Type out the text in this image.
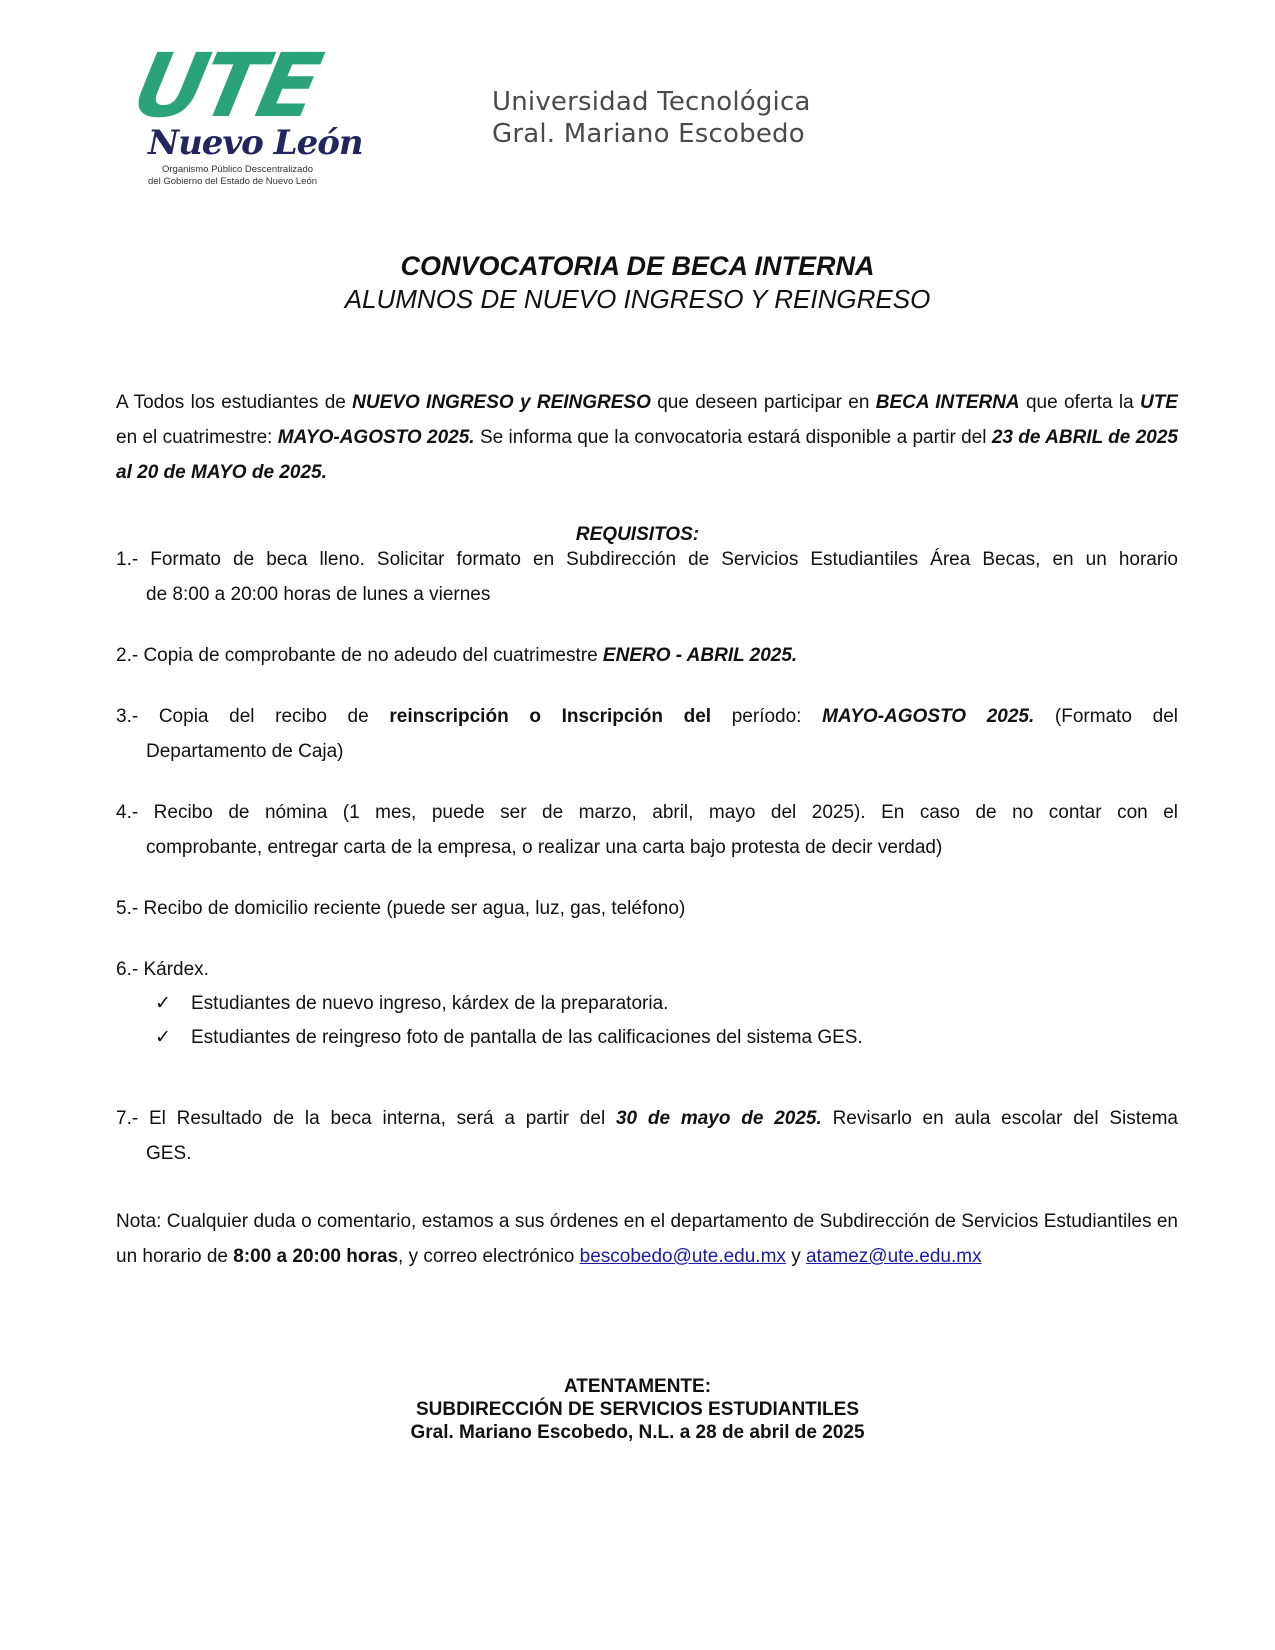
UTE
Nuevo León
Organismo Público Descentralizado
del Gobierno del Estado de Nuevo León
Universidad Tecnológica
Gral. Mariano Escobedo
CONVOCATORIA DE BECA INTERNA
ALUMNOS DE NUEVO INGRESO Y REINGRESO
A Todos los estudiantes de NUEVO INGRESO y REINGRESO que deseen participar en BECA INTERNA que oferta la UTE en el cuatrimestre: MAYO-AGOSTO 2025. Se informa que la convocatoria estará disponible a partir del 23 de ABRIL de 2025 al 20 de MAYO de 2025.
REQUISITOS:
1.- Formato de beca lleno. Solicitar formato en Subdirección de Servicios Estudiantiles Área Becas, en un horario
de 8:00 a 20:00 horas de lunes a viernes
2.- Copia de comprobante de no adeudo del cuatrimestre ENERO - ABRIL 2025.
3.- Copia del recibo de reinscripción o Inscripción del período: MAYO-AGOSTO 2025. (Formato del
Departamento de Caja)
4.- Recibo de nómina (1 mes, puede ser de marzo, abril, mayo del 2025). En caso de no contar con el
comprobante, entregar carta de la empresa, o realizar una carta bajo protesta de decir verdad)
5.- Recibo de domicilio reciente (puede ser agua, luz, gas, teléfono)
6.- Kárdex.
✓ Estudiantes de nuevo ingreso, kárdex de la preparatoria.
✓ Estudiantes de reingreso foto de pantalla de las calificaciones del sistema GES.
7.- El Resultado de la beca interna, será a partir del 30 de mayo de 2025. Revisarlo en aula escolar del Sistema
GES.
Nota: Cualquier duda o comentario, estamos a sus órdenes en el departamento de Subdirección de Servicios Estudiantiles en un horario de 8:00 a 20:00 horas, y correo electrónico bescobedo@ute.edu.mx y atamez@ute.edu.mx
ATENTAMENTE:
SUBDIRECCIÓN DE SERVICIOS ESTUDIANTILES
Gral. Mariano Escobedo, N.L. a 28 de abril de 2025
